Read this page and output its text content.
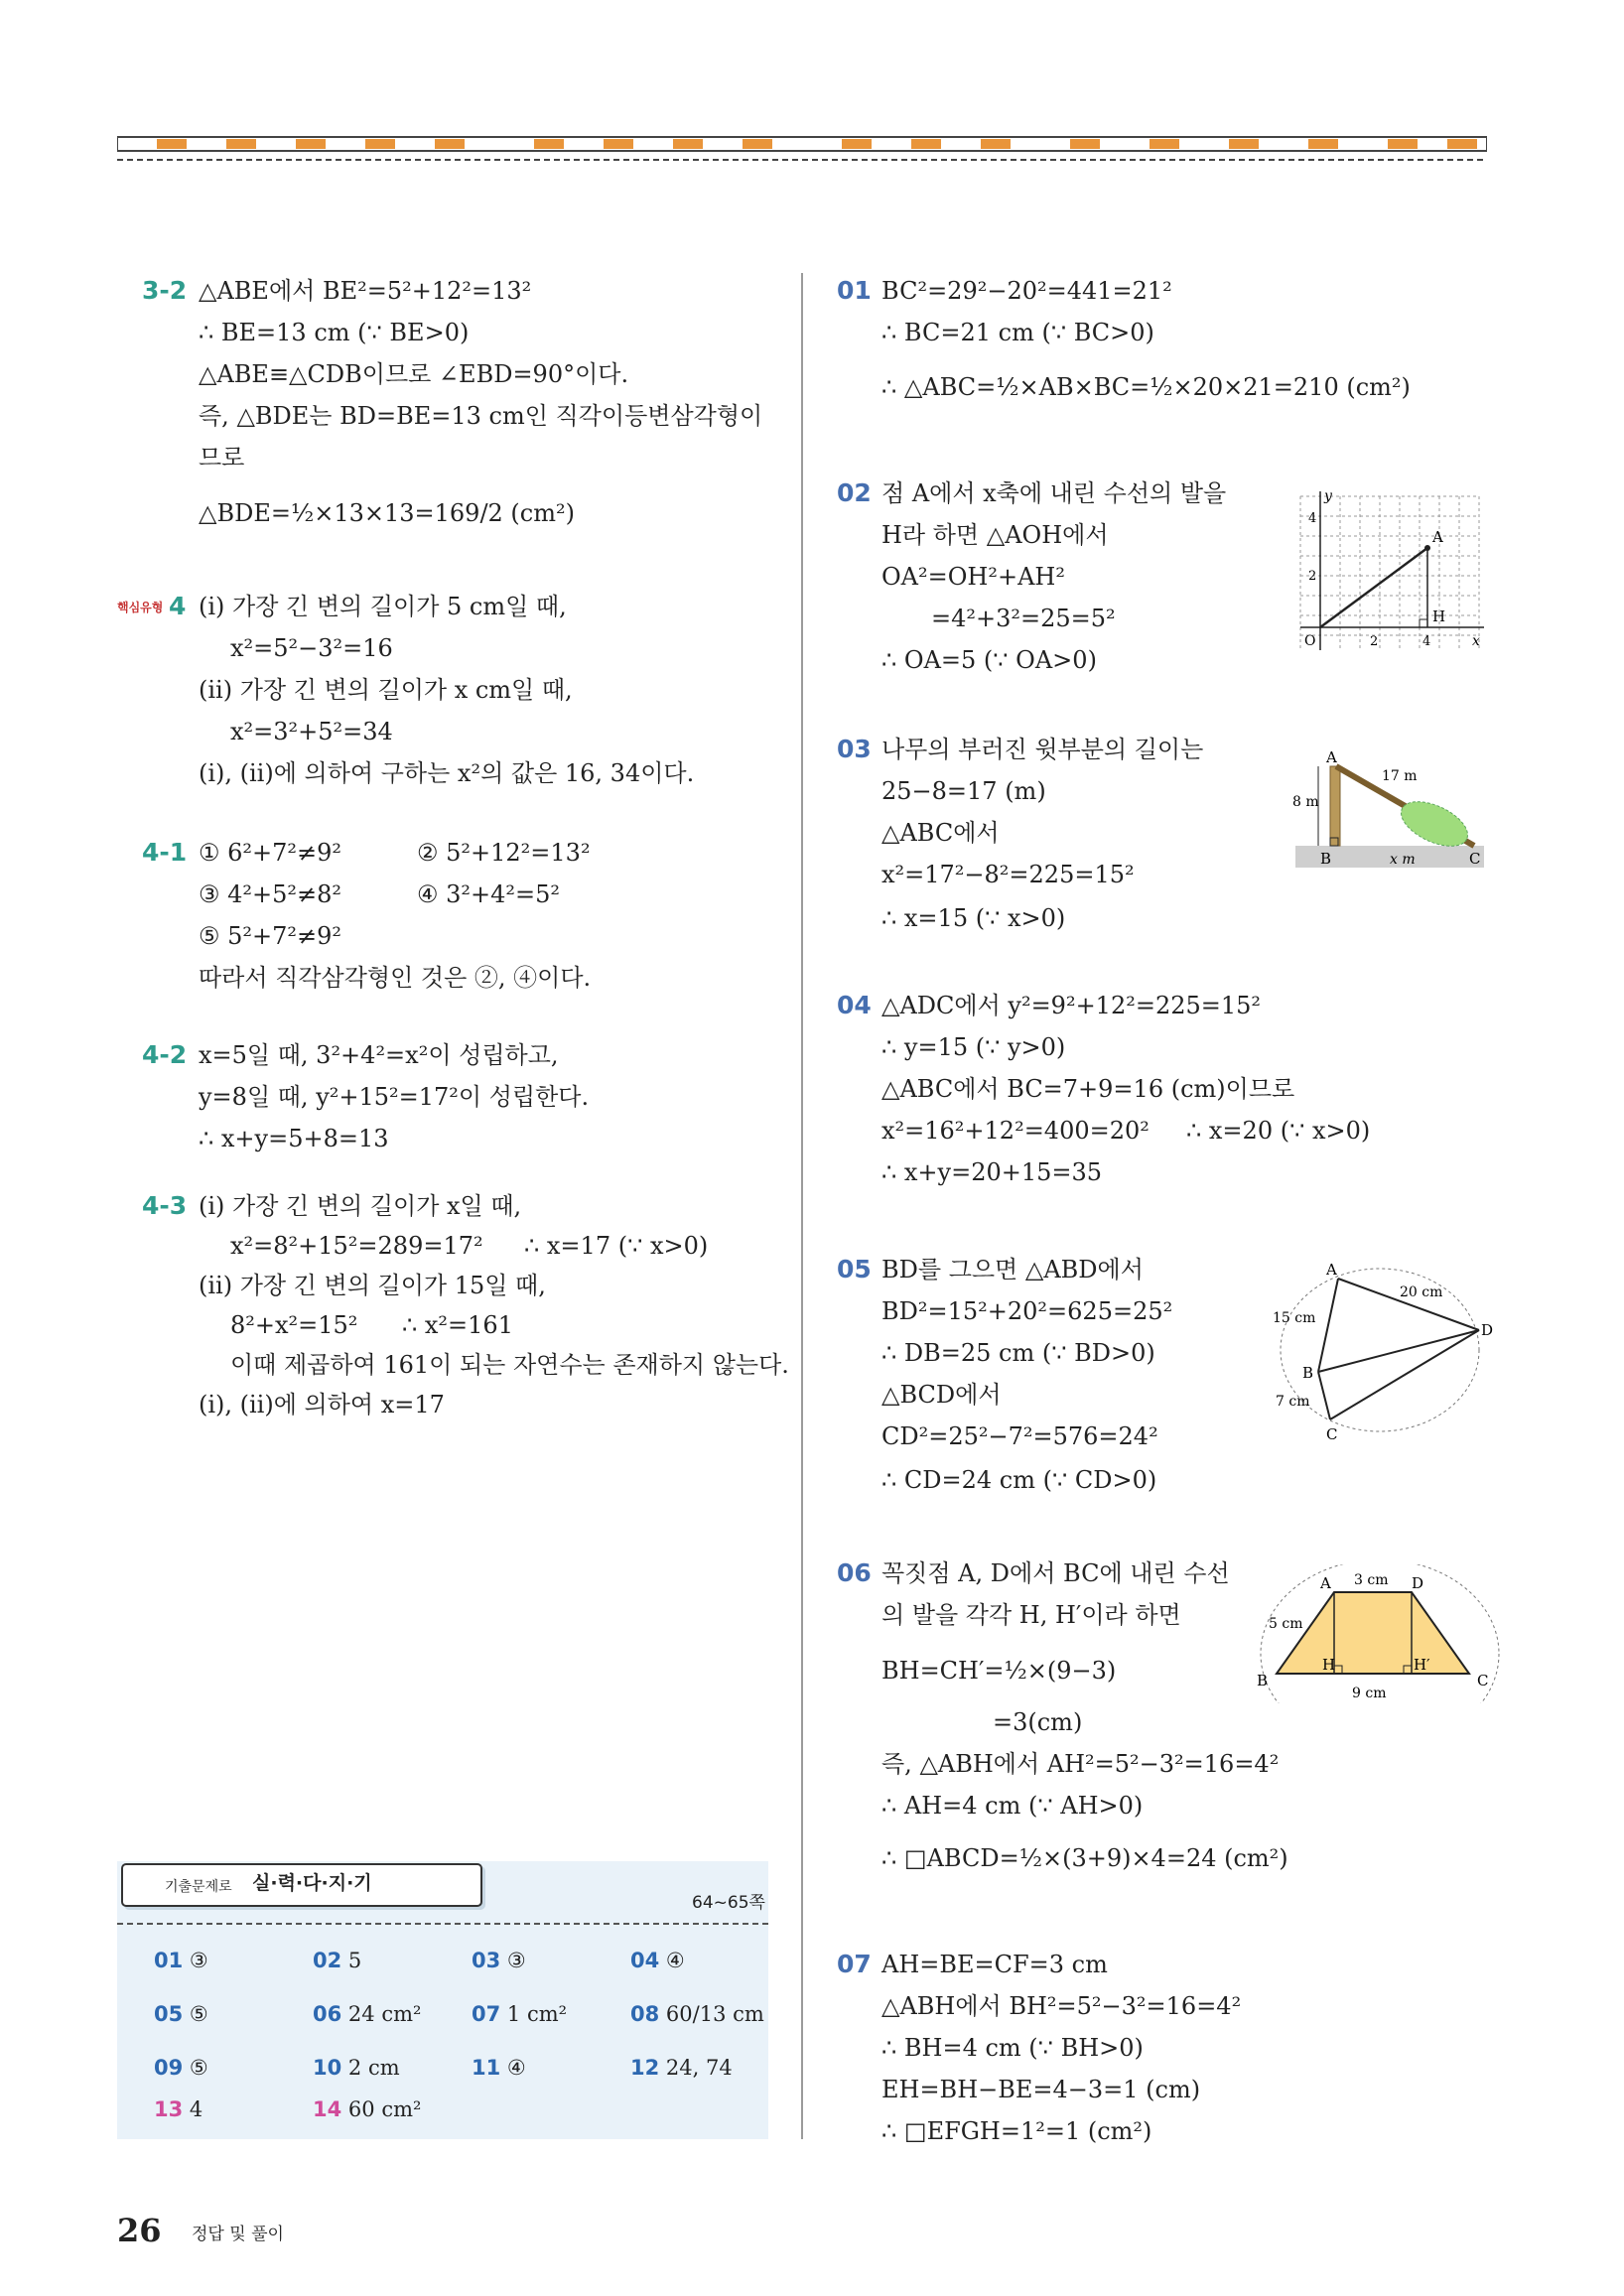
3-2 △ABE에서 BE²=5²+12²=13²
∴ BE=13 cm (∵ BE>0)
△ABE≡△CDB이므로 ∠EBD=90°이다.
즉, △BDE는 BD=BE=13 cm인 직각이등변삼각형이
므로
△BDE=½×13×13=169/2 (cm²)
핵심유형 4 (ⅰ) 가장 긴 변의 길이가 5 cm일 때,
x²=5²−3²=16
(ⅱ) 가장 긴 변의 길이가 x cm일 때,
x²=3²+5²=34
(ⅰ), (ⅱ)에 의하여 구하는 x²의 값은 16, 34이다.
4-1 ① 6²+7²≠9²	② 5²+12²=13²
③ 4²+5²≠8²	④ 3²+4²=5²
⑤ 5²+7²≠9²
따라서 직각삼각형인 것은 ②, ④이다.
4-2 x=5일 때, 3²+4²=x²이 성립하고,
y=8일 때, y²+15²=17²이 성립한다.
∴ x+y=5+8=13
4-3 (ⅰ) 가장 긴 변의 길이가 x일 때,
x²=8²+15²=289=17² ∴ x=17 (∵ x>0)
(ⅱ) 가장 긴 변의 길이가 15일 때,
8²+x²=15² ∴ x²=161
이때 제곱하여 161이 되는 자연수는 존재하지 않는다.
(ⅰ), (ⅱ)에 의하여 x=17
기출문제로 실·력·다·지·기
64~65쪽
01 ③	02 5	03 ③	04 ④
05 ⑤	06 24 cm² 07 1 cm²	08 60/13 cm
09 ⑤	10 2 cm	11 ④	12 24, 74
13 4	14 60 cm²
01 BC²=29²−20²=441=21²
∴ BC=21 cm (∵ BC>0)
∴ △ABC=½×AB×BC=½×20×21=210 (cm²)
02 점 A에서 x축에 내린 수선의 발을
H라 하면 △AOH에서
OA²=OH²+AH²
=4²+3²=25=5²
∴ OA=5 (∵ OA>0)
y
4
2
O	2	4	x
A
H
03 나무의 부러진 윗부분의 길이는
25−8=17 (m)
△ABC에서
x²=17²−8²=225=15²
∴ x=15 (∵ x>0)
A
B	C
8 m
17 m
x m
04 △ADC에서 y²=9²+12²=225=15²
∴ y=15 (∵ y>0)
△ABC에서 BC=7+9=16 (cm)이므로
x²=16²+12²=400=20² ∴ x=20 (∵ x>0)
∴ x+y=20+15=35
05 BD를 그으면 △ABD에서
BD²=15²+20²=625=25²
∴ DB=25 cm (∵ BD>0)
△BCD에서
CD²=25²−7²=576=24²
∴ CD=24 cm (∵ CD>0)
A
B
C
D
15 cm
20 cm
7 cm
06 꼭짓점 A, D에서 BC에 내린 수선
의 발을 각각 H, H′이라 하면
BH=CH′=½×(9−3)
=3(cm)
즉, △ABH에서 AH²=5²−3²=16=4²
∴ AH=4 cm (∵ AH>0)
∴ □ABCD=½×(3+9)×4=24 (cm²)
A	D
B	C
H	H′
3 cm
5 cm
9 cm
07 AH=BE=CF=3 cm
△ABH에서 BH²=5²−3²=16=4²
∴ BH=4 cm (∵ BH>0)
EH=BH−BE=4−3=1 (cm)
∴ □EFGH=1²=1 (cm²)
26 정답 및 풀이
